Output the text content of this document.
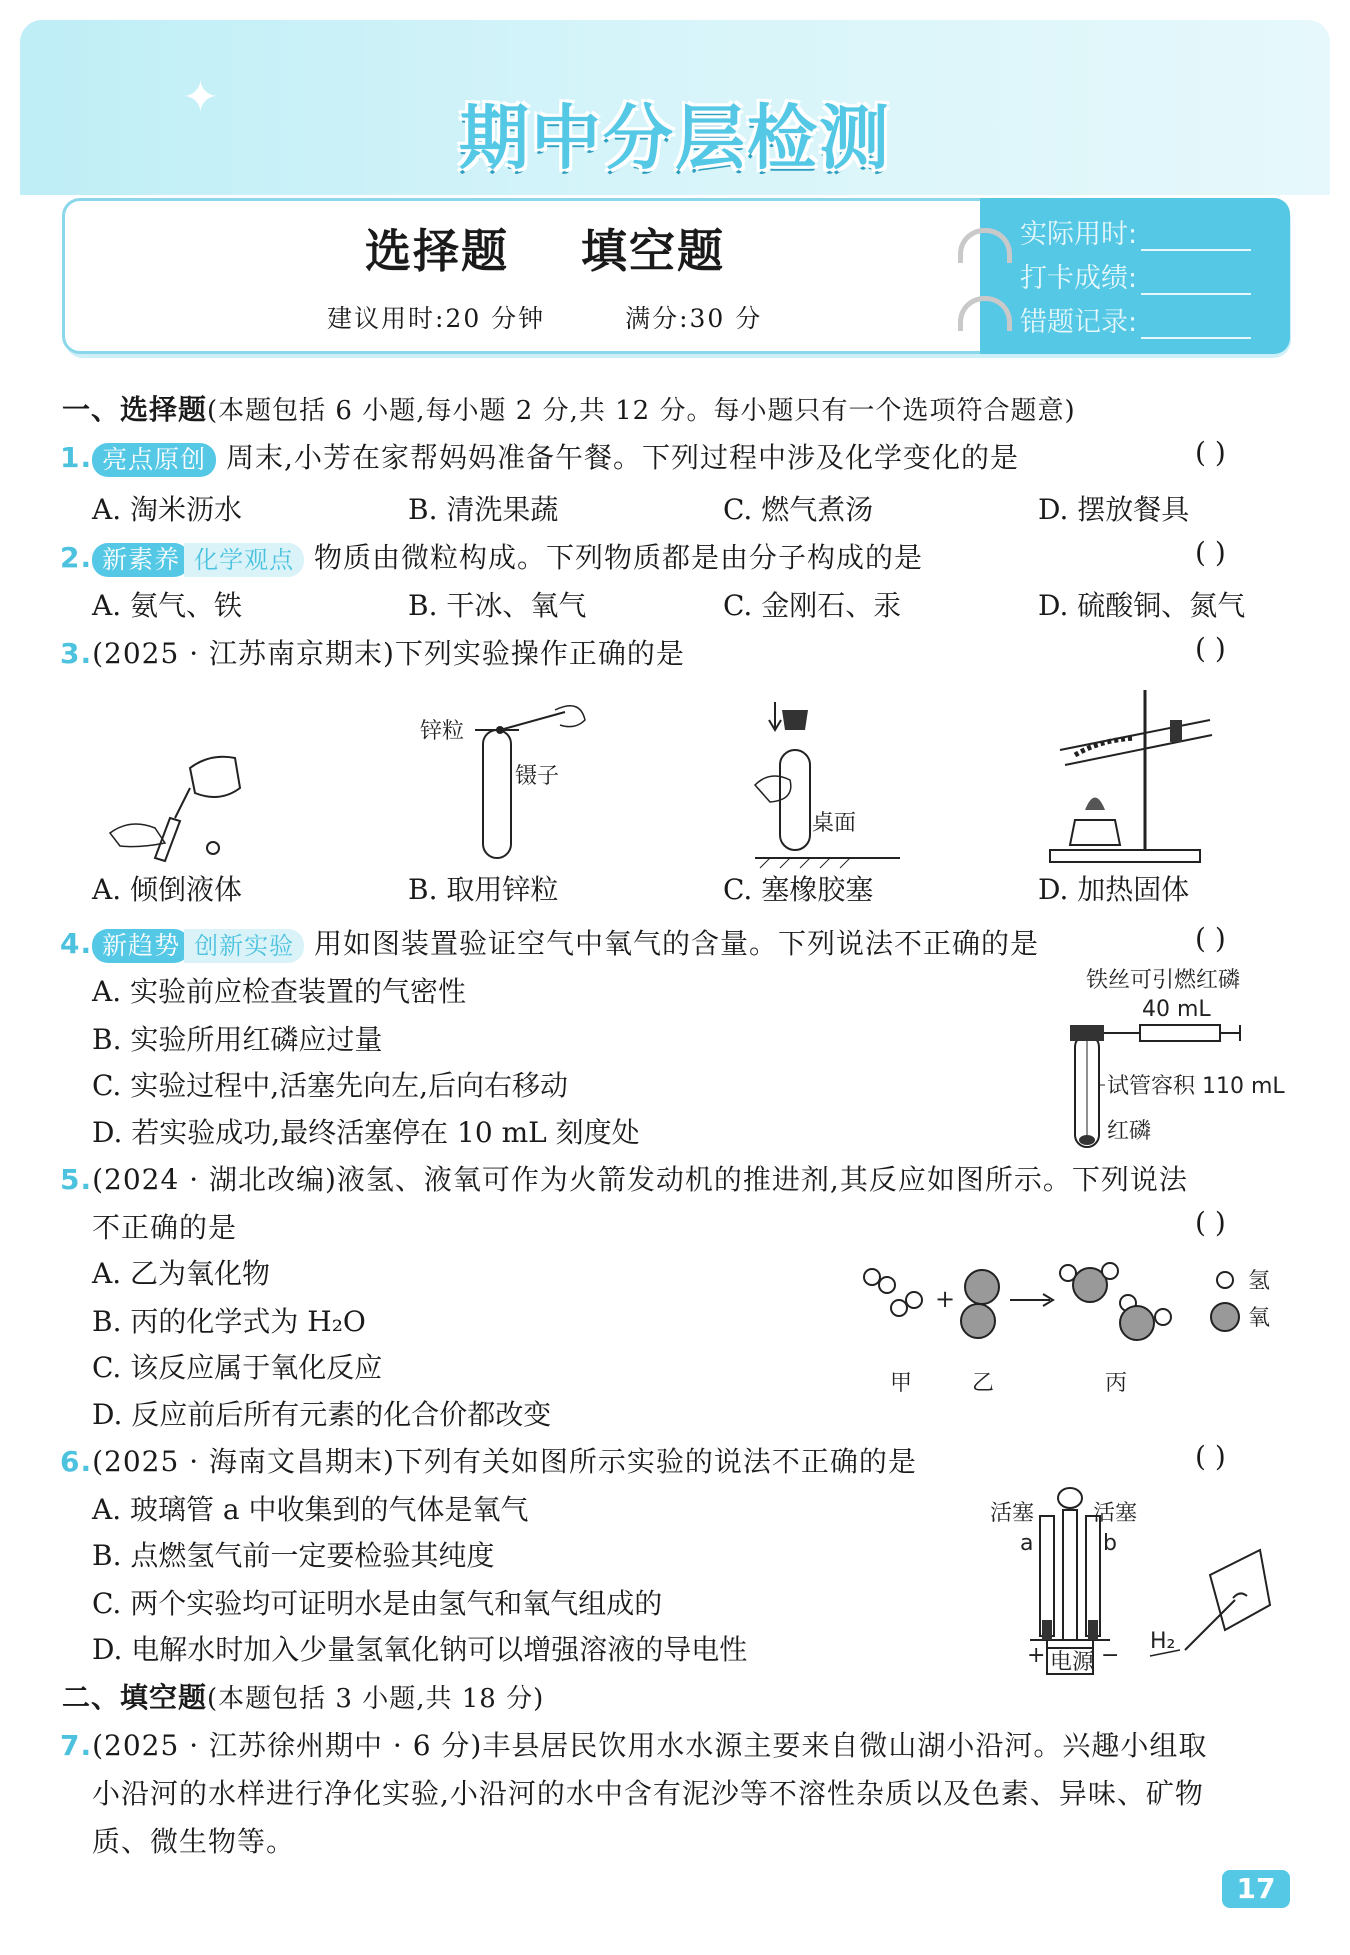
✦	期中分层检测
选择题    填空题
建议用时:20 分钟	满分:30 分
实际用时:
打卡成绩:
错题记录:
一、选择题(本题包括 6 小题,每小题 2 分,共 12 分。每小题只有一个选项符合题意)
1. 亮点原创 周末,小芳在家帮妈妈准备午餐。下列过程中涉及化学变化的是	( )
A. 淘米沥水	B. 清洗果蔬	C. 燃气煮汤	D. 摆放餐具
2. 新素养 化学观点 物质由微粒构成。下列物质都是由分子构成的是	( )
A. 氨气、铁	B. 干冰、氧气	C. 金刚石、汞	D. 硫酸铜、氮气
3.(2025 · 江苏南京期末)下列实验操作正确的是	( )
锌粒
镊子
桌面
A. 倾倒液体	B. 取用锌粒	C. 塞橡胶塞	D. 加热固体
4. 新趋势 创新实验 用如图装置验证空气中氧气的含量。下列说法不正确的是	( )
A. 实验前应检查装置的气密性
B. 实验所用红磷应过量
C. 实验过程中,活塞先向左,后向右移动
D. 若实验成功,最终活塞停在 10 mL 刻度处
铁丝可引燃红磷
40 mL
试管容积 110 mL
红磷
5.(2024 · 湖北改编)液氢、液氧可作为火箭发动机的推进剂,其反应如图所示。下列说法
不正确的是	( )
A. 乙为氧化物
B. 丙的化学式为 H₂O
C. 该反应属于氧化反应
D. 反应前后所有元素的化合价都改变
+
氢
氧
甲	乙	丙
6.(2025 · 海南文昌期末)下列有关如图所示实验的说法不正确的是	( )
A. 玻璃管 a 中收集到的气体是氧气
B. 点燃氢气前一定要检验其纯度
C. 两个实验均可证明水是由氢气和氧气组成的
D. 电解水时加入少量氢氧化钠可以增强溶液的导电性
活塞	活塞
a	b
+	−
电源
H₂
二、填空题(本题包括 3 小题,共 18 分)
7.(2025 · 江苏徐州期中 · 6 分)丰县居民饮用水水源主要来自微山湖小沿河。兴趣小组取
小沿河的水样进行净化实验,小沿河的水中含有泥沙等不溶性杂质以及色素、异味、矿物
质、微生物等。
17
